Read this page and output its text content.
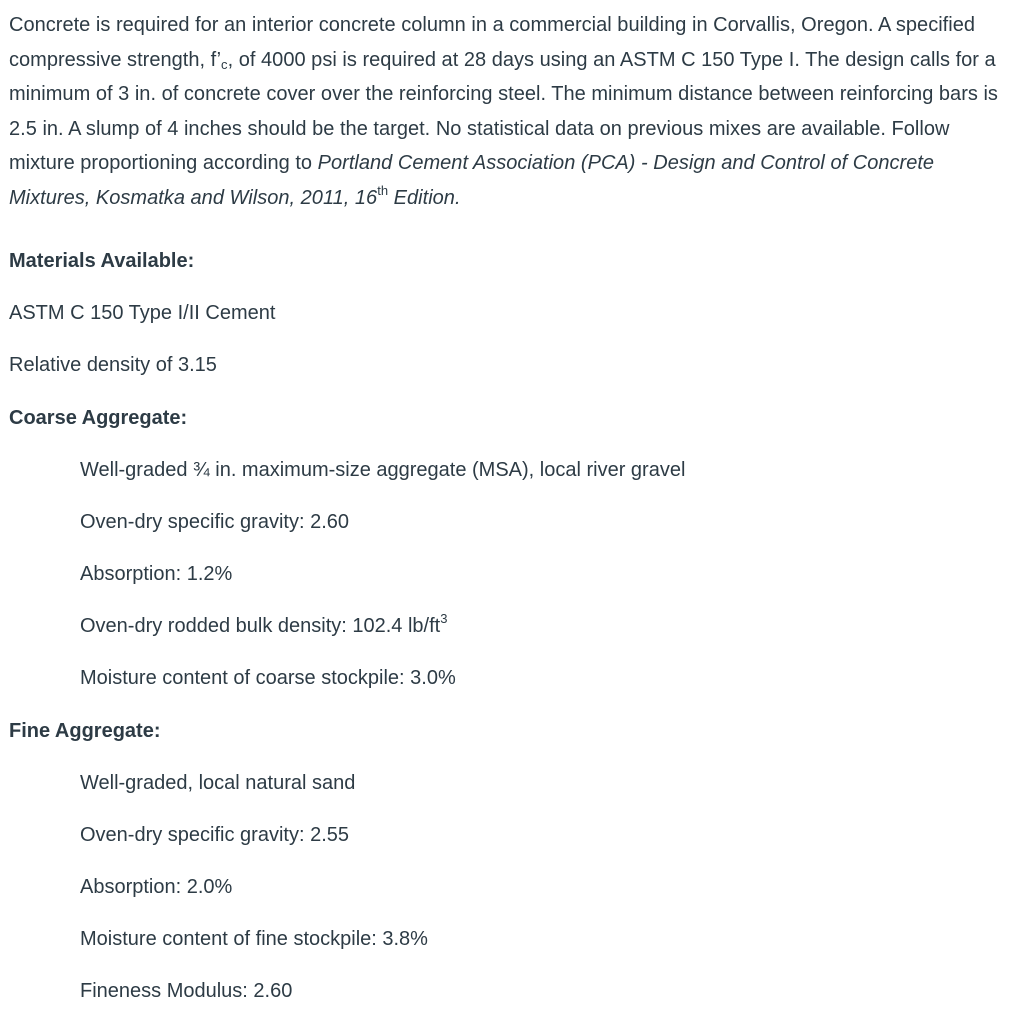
Concrete is required for an interior concrete column in a commercial building in Corvallis, Oregon. A specified compressive strength, $f’_c$, of 4000 psi is required at 28 days using an ASTM C 150 Type I. The design calls for a minimum of 3 in. of concrete cover over the reinforcing steel. The minimum distance between reinforcing bars is 2.5 in. A slump of 4 inches should be the target. No statistical data on previous mixes are available. Follow mixture proportioning according to Portland Cement Association (PCA) - Design and Control of Concrete Mixtures, Kosmatka and Wilson, 2011, 16th Edition.

Materials Available:

ASTM C 150 Type I/II Cement

Relative density of 3.15

Coarse Aggregate:

Well-graded ¾ in. maximum-size aggregate (MSA), local river gravel

Oven-dry specific gravity: 2.60

Absorption: 1.2%

Oven-dry rodded bulk density: 102.4 $lb/ft^3$

Moisture content of coarse stockpile: 3.0%

Fine Aggregate:

Well-graded, local natural sand

Oven-dry specific gravity: 2.55

Absorption: 2.0%

Moisture content of fine stockpile: 3.8%

Fineness Modulus: 2.60
